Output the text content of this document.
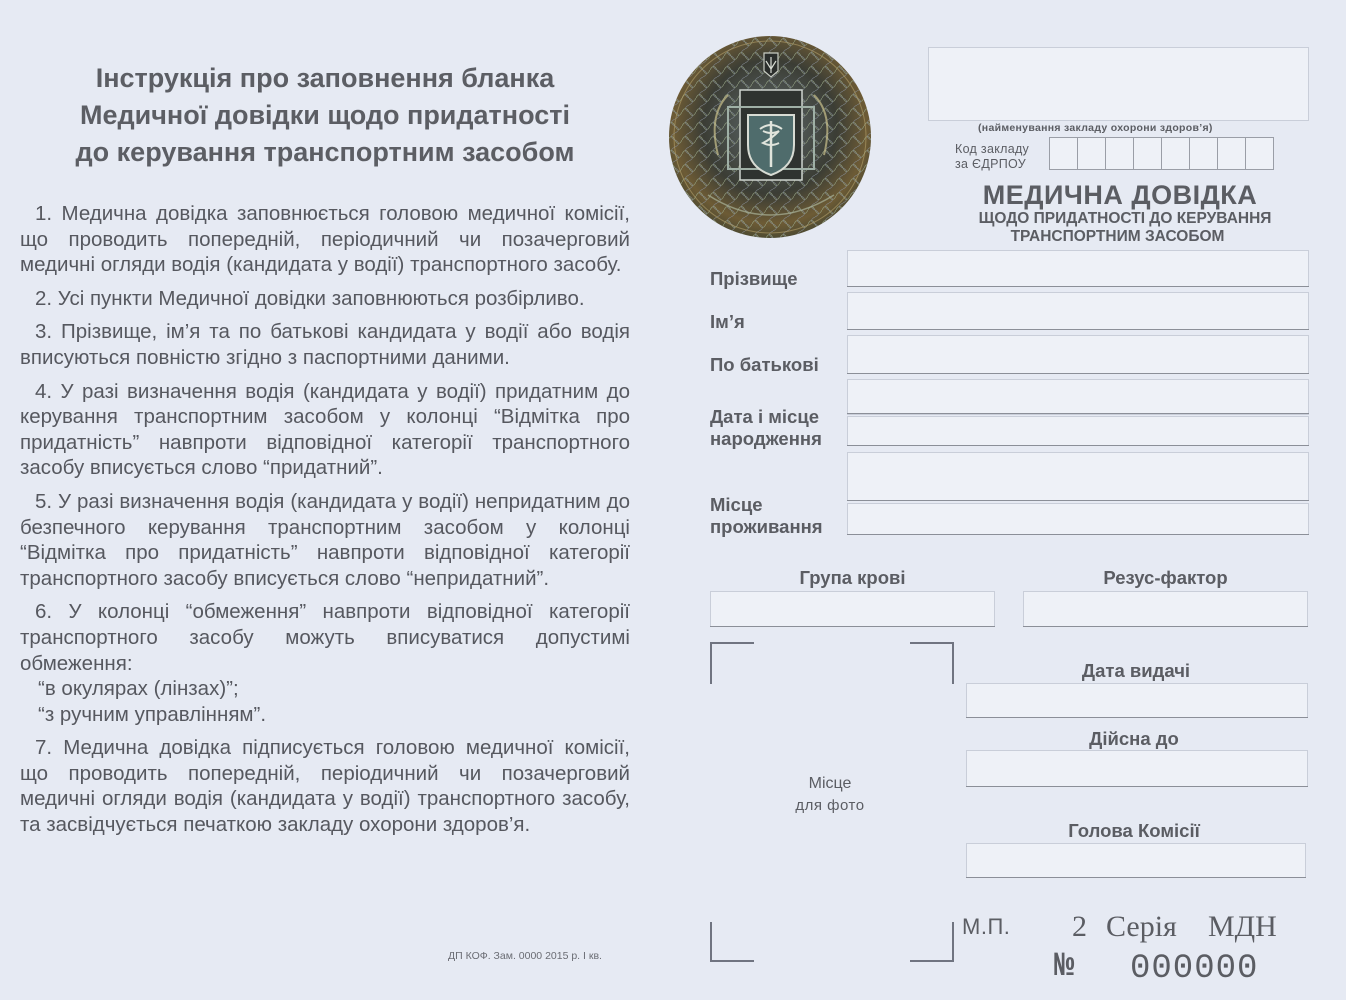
Інструкція про заповнення бланка
Медичної довідки щодо придатності
до керування транспортним засобом

1. Медична довідка заповнюється головою медичної комісії, що проводить попередній, періодичний чи позачерговий медичні огляди водія (кандидата у водії) транспортного засобу.

2. Усі пункти Медичної довідки заповнюються розбірливо.

3. Прізвище, ім’я та по батькові кандидата у водії або водія вписуються повністю згідно з паспортними даними.

4. У разі визначення водія (кандидата у водії) придатним до керування транспортним засобом у колонці “Відмітка про придатність” навпроти відповідної категорії транспортного засобу вписується слово “придатний”.

5. У разі визначення водія (кандидата у водії) непридатним до безпечного керування транспортним засобом у колонці “Відмітка про придатність” навпроти відповідної категорії транспортного засобу вписується слово “непридатний”.

6. У колонці “обмеження” навпроти відповідної категорії транспортного засобу можуть вписуватися допустимі обмеження:

“в окулярах (лінзах)”;
“з ручним управлінням”.

7. Медична довідка підписується головою медичної комісії, що проводить попередній, періодичний чи позачерговий медичні огляди водія (кандидата у водії) транспортного засобу, та засвідчується печаткою закладу охорони здоров’я.

ДП КОФ. Зам. 0000 2015 р. І кв.
(найменування закладу охорони здоров’я)
Код закладу
за ЄДРПОУ
МЕДИЧНА ДОВІДКА
ЩОДО ПРИДАТНОСТІ ДО КЕРУВАННЯ
ТРАНСПОРТНИМ ЗАСОБОМ
Прізвище
Ім’я
По батькові
Дата і місце
народження
Місце
проживання
Група крові	Резус-фактор
Місце
для фото
Дата видачі
Дійсна до
Голова Комісії
М.П. 2 Серія МДН
№ 000000
